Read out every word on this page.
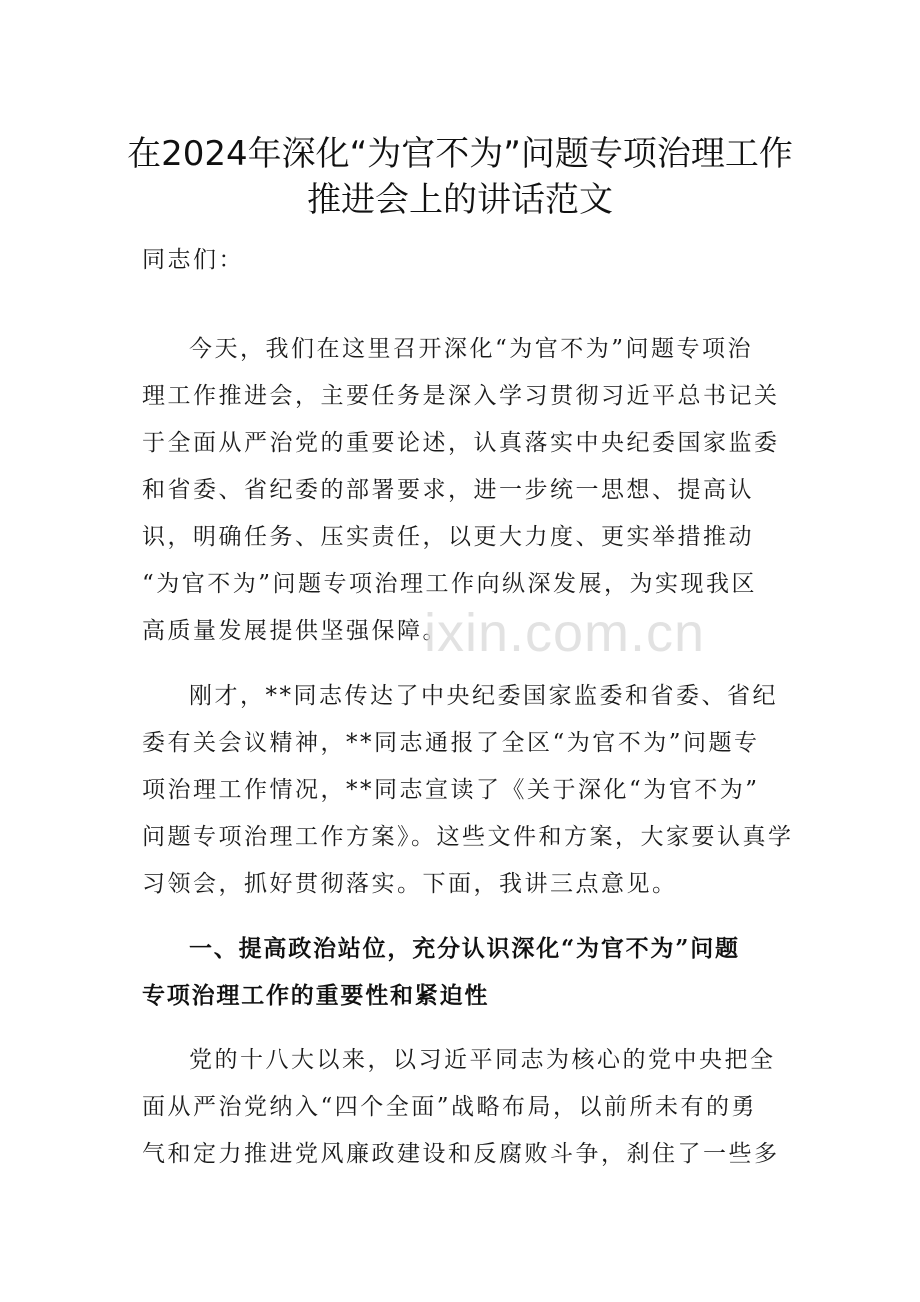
在2024年深化“为官不为”问题专项治理工作
推进会上的讲话范文
同志们：
今天，我们在这里召开深化“为官不为”问题专项治
理工作推进会，主要任务是深入学习贯彻习近平总书记关
于全面从严治党的重要论述，认真落实中央纪委国家监委
和省委、省纪委的部署要求，进一步统一思想、提高认
识，明确任务、压实责任，以更大力度、更实举措推动
“为官不为”问题专项治理工作向纵深发展，为实现我区
高质量发展提供坚强保障。
刚才，**同志传达了中央纪委国家监委和省委、省纪
委有关会议精神，**同志通报了全区“为官不为”问题专
项治理工作情况，**同志宣读了《关于深化“为官不为”
问题专项治理工作方案》。这些文件和方案，大家要认真学
习领会，抓好贯彻落实。下面，我讲三点意见。
一、提高政治站位，充分认识深化“为官不为”问题
专项治理工作的重要性和紧迫性
党的十八大以来，以习近平同志为核心的党中央把全
面从严治党纳入“四个全面”战略布局，以前所未有的勇
气和定力推进党风廉政建设和反腐败斗争，刹住了一些多
ixin.com.cn
